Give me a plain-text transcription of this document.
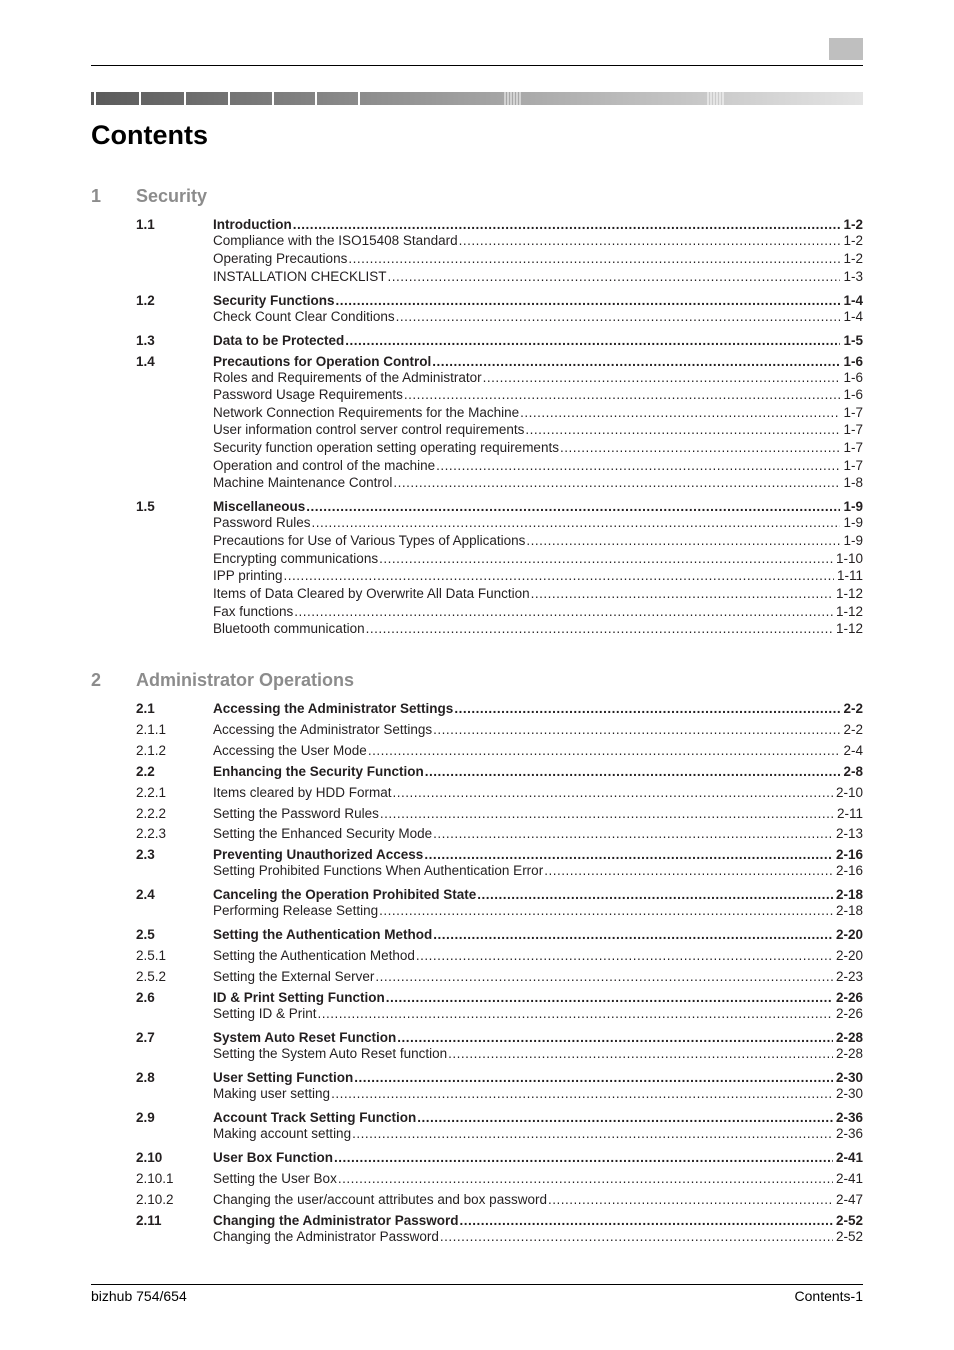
Contents
1 Security
1.1	Introduction .....	1-2
Compliance with the ISO15408 Standard .....	1-2
Operating Precautions .....	1-2
INSTALLATION CHECKLIST .....	1-3
1.2	Security Functions .....	1-4
Check Count Clear Conditions .....	1-4
1.3	Data to be Protected .....	1-5
1.4	Precautions for Operation Control .....	1-6
Roles and Requirements of the Administrator .....	1-6
Password Usage Requirements .....	1-6
Network Connection Requirements for the Machine .....	1-7
User information control server control requirements .....	1-7
Security function operation setting operating requirements .....	1-7
Operation and control of the machine .....	1-7
Machine Maintenance Control .....	1-8
1.5	Miscellaneous .....	1-9
Password Rules .....	1-9
Precautions for Use of Various Types of Applications .....	1-9
Encrypting communications .....	1-10
IPP printing .....	1-11
Items of Data Cleared by Overwrite All Data Function .....	1-12
Fax functions .....	1-12
Bluetooth communication .....	1-12
2 Administrator Operations
2.1	Accessing the Administrator Settings .....	2-2
2.1.1	Accessing the Administrator Settings .....	2-2
2.1.2	Accessing the User Mode .....	2-4
2.2	Enhancing the Security Function .....	2-8
2.2.1	Items cleared by HDD Format .....	2-10
2.2.2	Setting the Password Rules .....	2-11
2.2.3	Setting the Enhanced Security Mode .....	2-13
2.3	Preventing Unauthorized Access .....	2-16
Setting Prohibited Functions When Authentication Error .....	2-16
2.4	Canceling the Operation Prohibited State .....	2-18
Performing Release Setting .....	2-18
2.5	Setting the Authentication Method .....	2-20
2.5.1	Setting the Authentication Method .....	2-20
2.5.2	Setting the External Server .....	2-23
2.6	ID & Print Setting Function .....	2-26
Setting ID & Print .....	2-26
2.7	System Auto Reset Function .....	2-28
Setting the System Auto Reset function .....	2-28
2.8	User Setting Function .....	2-30
Making user setting .....	2-30
2.9	Account Track Setting Function .....	2-36
Making account setting .....	2-36
2.10	User Box Function .....	2-41
2.10.1	Setting the User Box .....	2-41
2.10.2	Changing the user/account attributes and box password .....	2-47
2.11	Changing the Administrator Password .....	2-52
Changing the Administrator Password .....	2-52
bizhub 754/654	Contents-1
